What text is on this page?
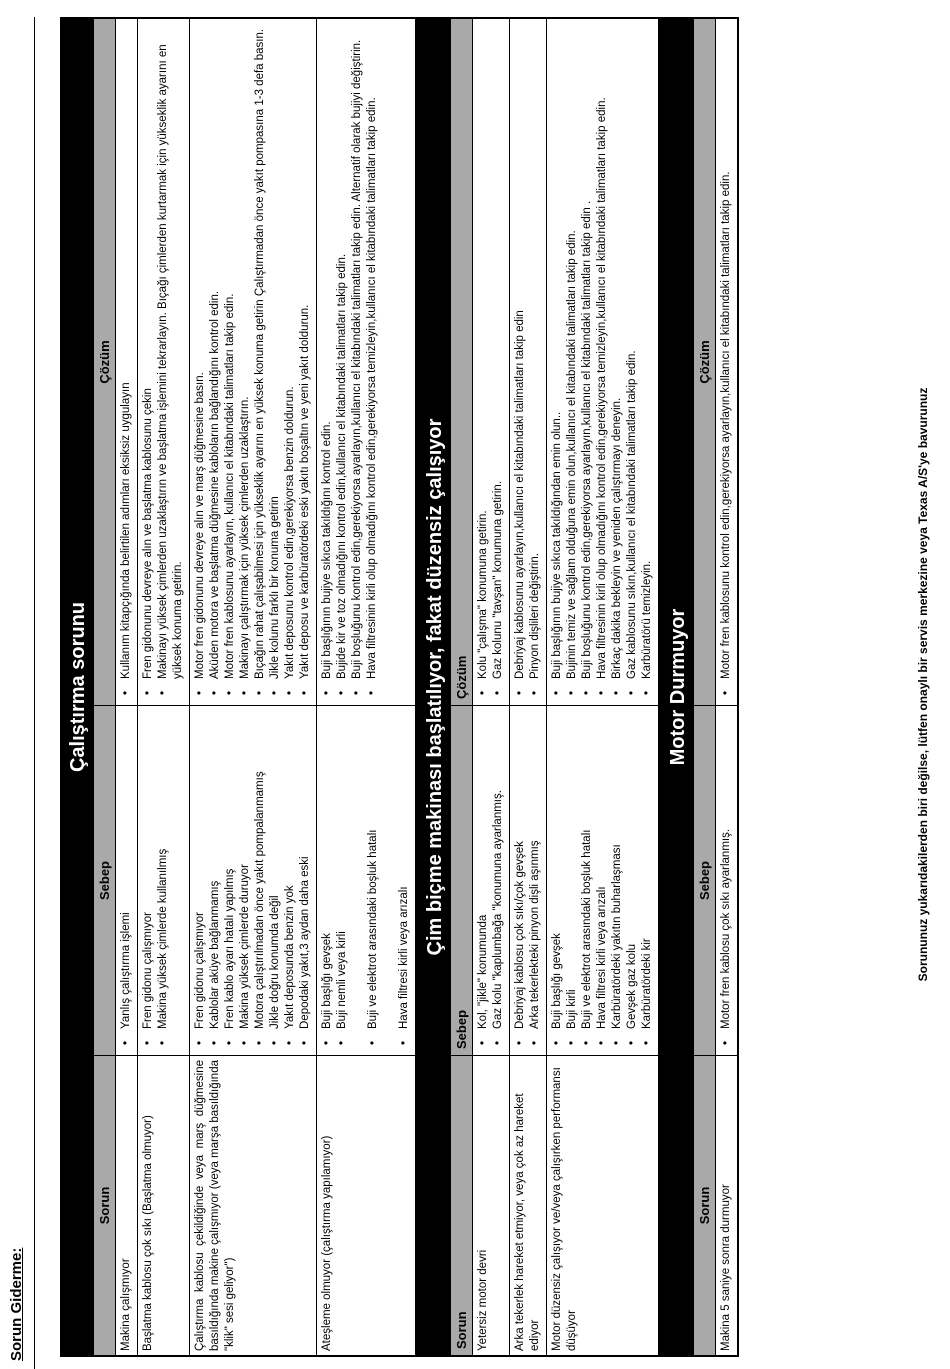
Sorun Giderme:
Çalıştırma sorunu
Sorun
Sebep
Çözüm
Makina çalışmıyor
• Yanlış çalıştırma işlemi
• Kullanım kitapçığında belirtilen adımları eksiksiz uygulayın
Başlatma kablosu çok sıkı (Başlatma olmuyor)
• Fren gidonu çalışmıyor • Makina yüksek çimlerde kullanılmış
• Fren gidonunu devreye alın ve başlatma kablosunu çekin • Makinayı yüksek çimlerden uzaklaştırın ve başlatma işlemini tekrarlayın. Bıçağı çimlerden kurtarmak için yükseklik ayarını en yüksek konuma getirin.
Çalıştırma kablosu çekildiğinde veya marş düğmesine basıldığında makine çalışmıyor (veya marşa basıldığında "klik" sesi geliyor")
• Fren gidonu çalışmıyor • Kablolar aküye bağlanmamış • Fren kablo ayarı hatalı yapılmış • Makina yüksek çimlerde duruyor • Motora çalıştırılmadan önce yakıt pompalanmamış • Jikle doğru konumda değil • Yakıt deposunda benzin yok • Depodaki yakıt,3 aydan daha eski
• Motor fren gidonunu devreye alın ve marş düğmesine basın. • Aküden motora ve başlatma düğmesine kabloların bağlandığını kontrol edin. • Motor fren kablosunu ayarlayın, kullanıcı el kitabındaki talimatları takip edin. • Makinayı çalıştırmak için yüksek çimlerden uzaklaştırın. • Bıçağın rahat çalışabilmesi için yükseklik ayarını en yüksek konuma getirin Çalıştırmadan önce yakıt pompasına 1-3 defa basın. • Jikle kolunu farklı bir konuma getirin • Yakıt deposunu kontrol edin,gerekiyorsa benzin doldurun. • Yakıt deposu ve karbüratördeki eski yakıtı boşaltın ve yeni yakıt doldurun.
Ateşleme olmuyor (çalıştırma yapılamıyor)
• Buji başlığı gevşek • Buji nemli veya kirli • Buji ve elektrot arasındaki boşluk hatalı • Hava filtresi kirli veya arızalı
• Buji başlığının bujiye sıkıca takıldığını kontrol edin. • Bujide kir ve toz olmadığını kontrol edin,kullanıcı el kitabındaki talimatları takip edin. • Buji boşluğunu kontrol edin,gerekiyorsa ayarlayın,kullanıcı el kitabındaki talimatları takip edin. Alternatif olarak bujiyi değiştirin. • Hava filtresinin kirli olup olmadığını kontrol edin,gerekiyorsa temizleyin,kullanıcı el kitabındaki talimatları takip edin.
Çim biçme makinası başlatılıyor, fakat düzensiz çalışıyor
Sorun
Sebep
Çözüm
Yetersiz motor devri
• Kol, "jikle" konumunda • Gaz kolu "kaplumbağa "konumuna ayarlanmış.
• Kolu "çalışma" konumuna getirin. • Gaz kolunu "tavşan" konumuna getirin.
Arka tekerlek hareket etmiyor, veya çok az hareket ediyor
• Debriyaj kablosu çok sıkı/çok gevşek • Arka tekerlekteki pinyon dişli aşınmış
• Debriyaj kablosunu ayarlayın,kullanıcı el kitabındaki talimatları takip edin • Pinyon dişlileri değiştirin.
Motor düzensiz çalışıyor ve/veya çalışırken performansı düşüyor
• Buji başlığı gevşek • Buji kirli • Buji ve elektrot arasındaki boşluk hatalı • Hava filtresi kirli veya arızalı • Karbüratördeki yakıtın buharlaşması • Gevşek gaz kolu • Karbüratördeki kir
• Buji başlığının bujiye sıkıca takıldığından emin olun.. • Bujinin temiz ve sağlam olduğuna emin olun,kullanıcı el kitabındaki talimatları takip edin. • Buji boşluğunu kontrol edin,gerekiyorsa ayarlayın,kullanıcı el kitabındaki talimatları takip edin . • Hava filtresinin kirli olup olmadığını kontrol edin,gerekiyorsa temizleyin,kullanıcı el kitabındaki talimatları takip edin. • Birkaç dakika bekleyin ve yeniden çalıştırmayı deneyin. • Gaz kablosunu sıkın,kullanıcı el kitabındaki talimatları takip edin. • Karbüratörü temizleyin. Motor Durmuyor
Sorun
Sebep
Çözüm
Makina 5 saniye sonra durmuyor
• Motor fren kablosu çok sıkı ayarlanmış.
• Motor fren kablosunu kontrol edin,gerekiyorsa ayarlayın,kullanıcı el kitabındaki talimatları takip edin.	Sorununuz yukarıdakilerden biri değilse, lütfen onaylı bir servis merkezine veya Texas A/S'ye bavurunuz
